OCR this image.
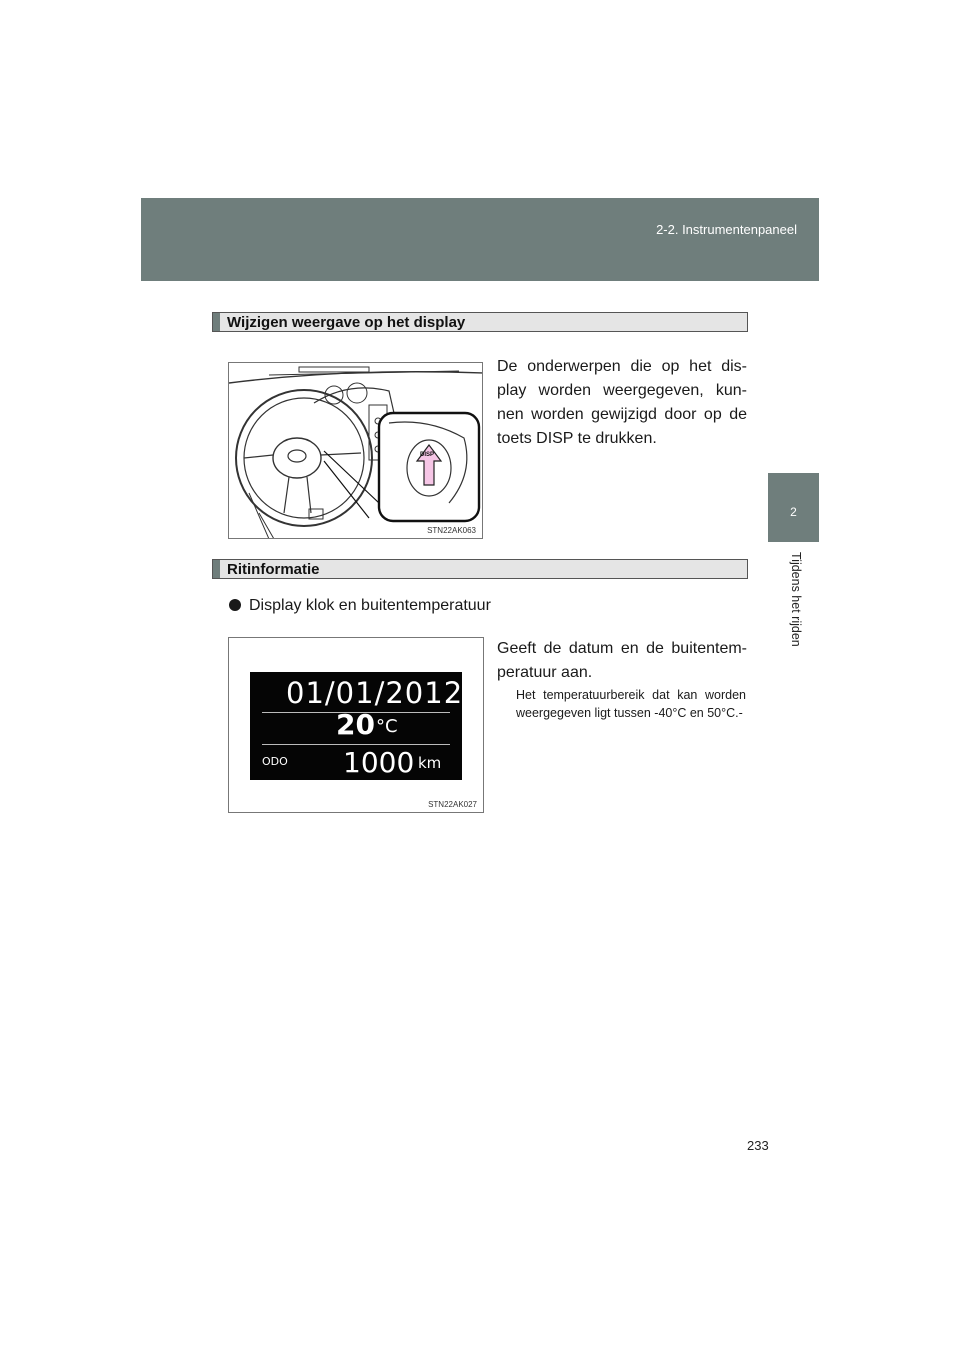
2-2. Instrumentenpaneel
2
Tijdens het rijden
Wijzigen weergave op het display
DISP
STN22AK063
De onderwerpen die op het dis-play worden weergegeven, kun-nen worden gewijzigd door op de toets DISP te drukken.
Ritinformatie
Display klok en buitentemperatuur
01/01/2012
20 °C
ODO 1000 km
STN22AK027
Geeft de datum en de buitentem-peratuur aan.
Het temperatuurbereik dat kan worden weergegeven ligt tussen -40°C en 50°C.-
233
